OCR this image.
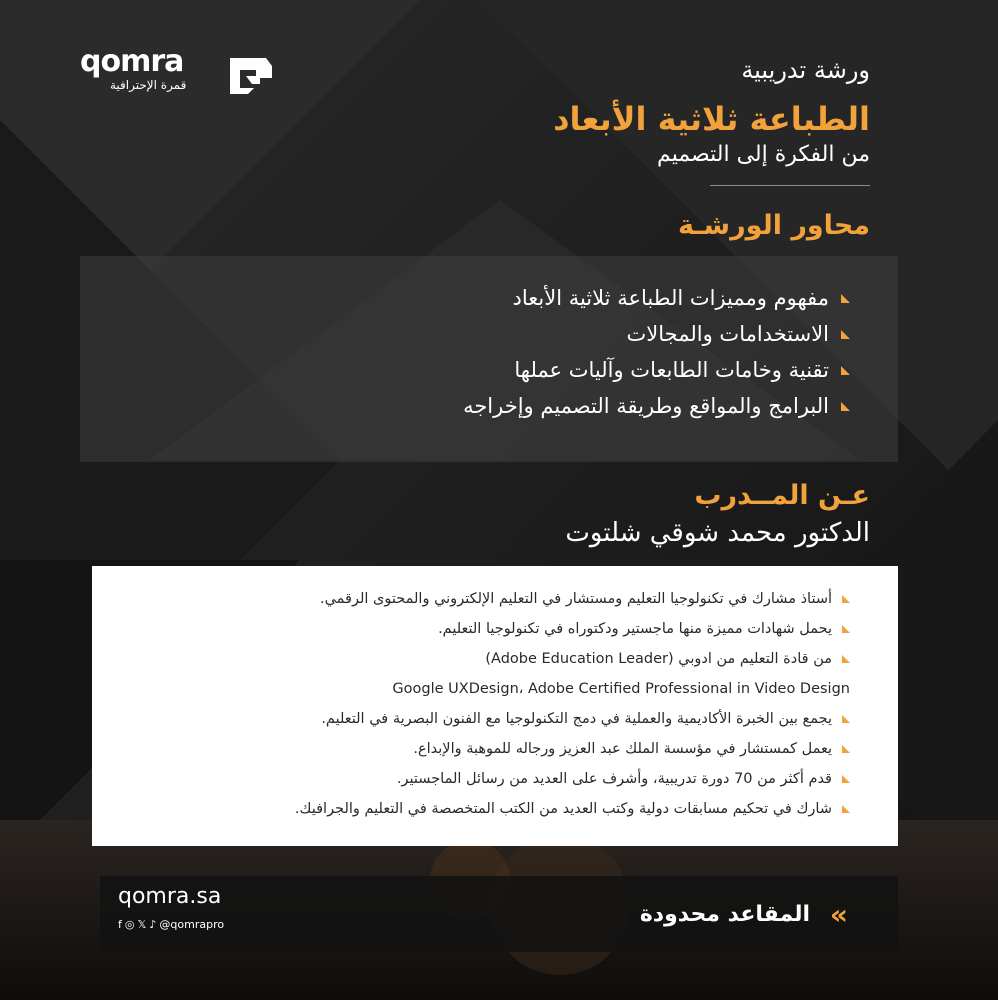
qomra
قمرة الإحترافية
ورشة تدريبية
الطباعة ثلاثية الأبعاد
من الفكرة إلى التصميم
محاور الورشـة
مفهوم ومميزات الطباعة ثلاثية الأبعاد
الاستخدامات والمجالات
تقنية وخامات الطابعات وآليات عملها
البرامج والمواقع وطريقة التصميم وإخراجه
عـن المــدرب
الدكتور محمد شوقي شلتوت
أستاذ مشارك في تكنولوجيا التعليم ومستشار في التعليم الإلكتروني والمحتوى الرقمي.
يحمل شهادات مميزة منها ماجستير ودكتوراه في تكنولوجيا التعليم.
من قادة التعليم من ادوبي (Adobe Education Leader)
Google UXDesign، Adobe Certified Professional in Video Design
يجمع بين الخبرة الأكاديمية والعملية في دمج التكنولوجيا مع الفنون البصرية في التعليم.
يعمل كمستشار في مؤسسة الملك عبد العزيز ورجاله للموهبة والإبداع.
قدم أكثر من 70 دورة تدريبية، وأشرف على العديد من رسائل الماجستير.
شارك في تحكيم مسابقات دولية وكتب العديد من الكتب المتخصصة في التعليم والجرافيك.
qomra.sa
f ◎ 𝕏 ♪ @qomrapro	المقاعد محدودة «
